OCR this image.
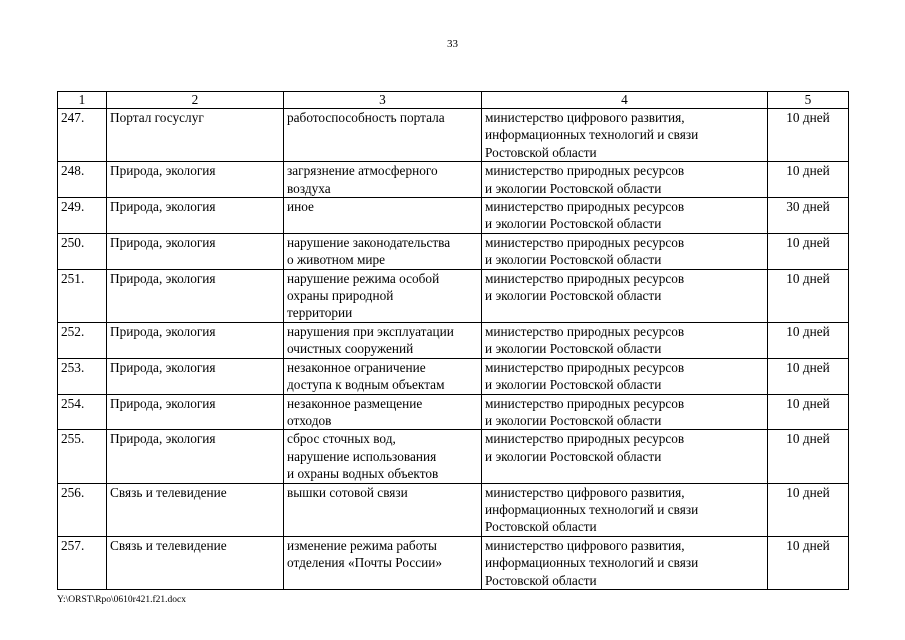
33
1	2	3	4	5
247.	Портал госуслуг	работоспособность портала	министерство цифрового развития,
информационных технологий и связи
Ростовской области	10 дней
248.	Природа, экология	загрязнение атмосферного
воздуха	министерство природных ресурсов
и экологии Ростовской области	10 дней
249.	Природа, экология	иное	министерство природных ресурсов
и экологии Ростовской области	30 дней
250.	Природа, экология	нарушение законодательства
о животном мире	министерство природных ресурсов
и экологии Ростовской области	10 дней
251.	Природа, экология	нарушение режима особой
охраны природной
территории	министерство природных ресурсов
и экологии Ростовской области	10 дней
252.	Природа, экология	нарушения при эксплуатации
очистных сооружений	министерство природных ресурсов
и экологии Ростовской области	10 дней
253.	Природа, экология	незаконное ограничение
доступа к водным объектам	министерство природных ресурсов
и экологии Ростовской области	10 дней
254.	Природа, экология	незаконное размещение
отходов	министерство природных ресурсов
и экологии Ростовской области	10 дней
255.	Природа, экология	сброс сточных вод,
нарушение использования
и охраны водных объектов	министерство природных ресурсов
и экологии Ростовской области	10 дней
256.	Связь и телевидение	вышки сотовой связи	министерство цифрового развития,
информационных технологий и связи
Ростовской области	10 дней
257.	Связь и телевидение	изменение режима работы
отделения «Почты России»	министерство цифрового развития,
информационных технологий и связи
Ростовской области	10 дней
Y:\ORST\Rpo\0610r421.f21.docx
